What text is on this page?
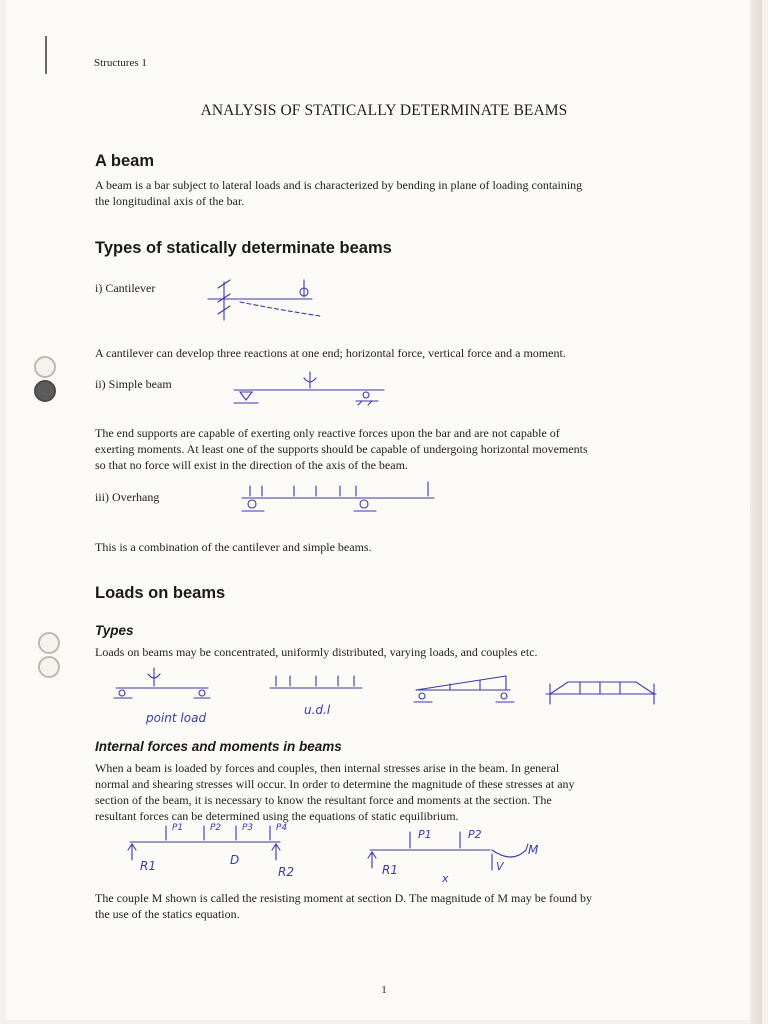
Structures 1
ANALYSIS OF STATICALLY DETERMINATE BEAMS
A beam
A beam is a bar subject to lateral loads and is characterized by bending in plane of loading containing
the longitudinal axis of the bar.
Types of statically determinate beams
i) Cantilever
A cantilever can develop three reactions at one end; horizontal force, vertical force and a moment.
ii) Simple beam
The end supports are capable of exerting only reactive forces upon the bar and are not capable of
exerting moments. At least one of the supports should be capable of undergoing horizontal movements
so that no force will exist in the direction of the axis of the beam.
iii) Overhang
This is a combination of the cantilever and simple beams.
Loads on beams
Types
Loads on beams may be concentrated, uniformly distributed, varying loads, and couples etc.
point load
u.d.l
Internal forces and moments in beams
When a beam is loaded by forces and couples, then internal stresses arise in the beam. In general
normal and shearing stresses will occur. In order to determine the magnitude of these stresses at any
section of the beam, it is necessary to know the resultant force and moments at the section. The
resultant forces can be determined using the equations of static equilibrium.
P1	P2 P3	P4
R1	D
R2
P1	P2
R1	V
M
x
The couple M shown is called the resisting moment at section D. The magnitude of M may be found by
the use of the statics equation.
1
